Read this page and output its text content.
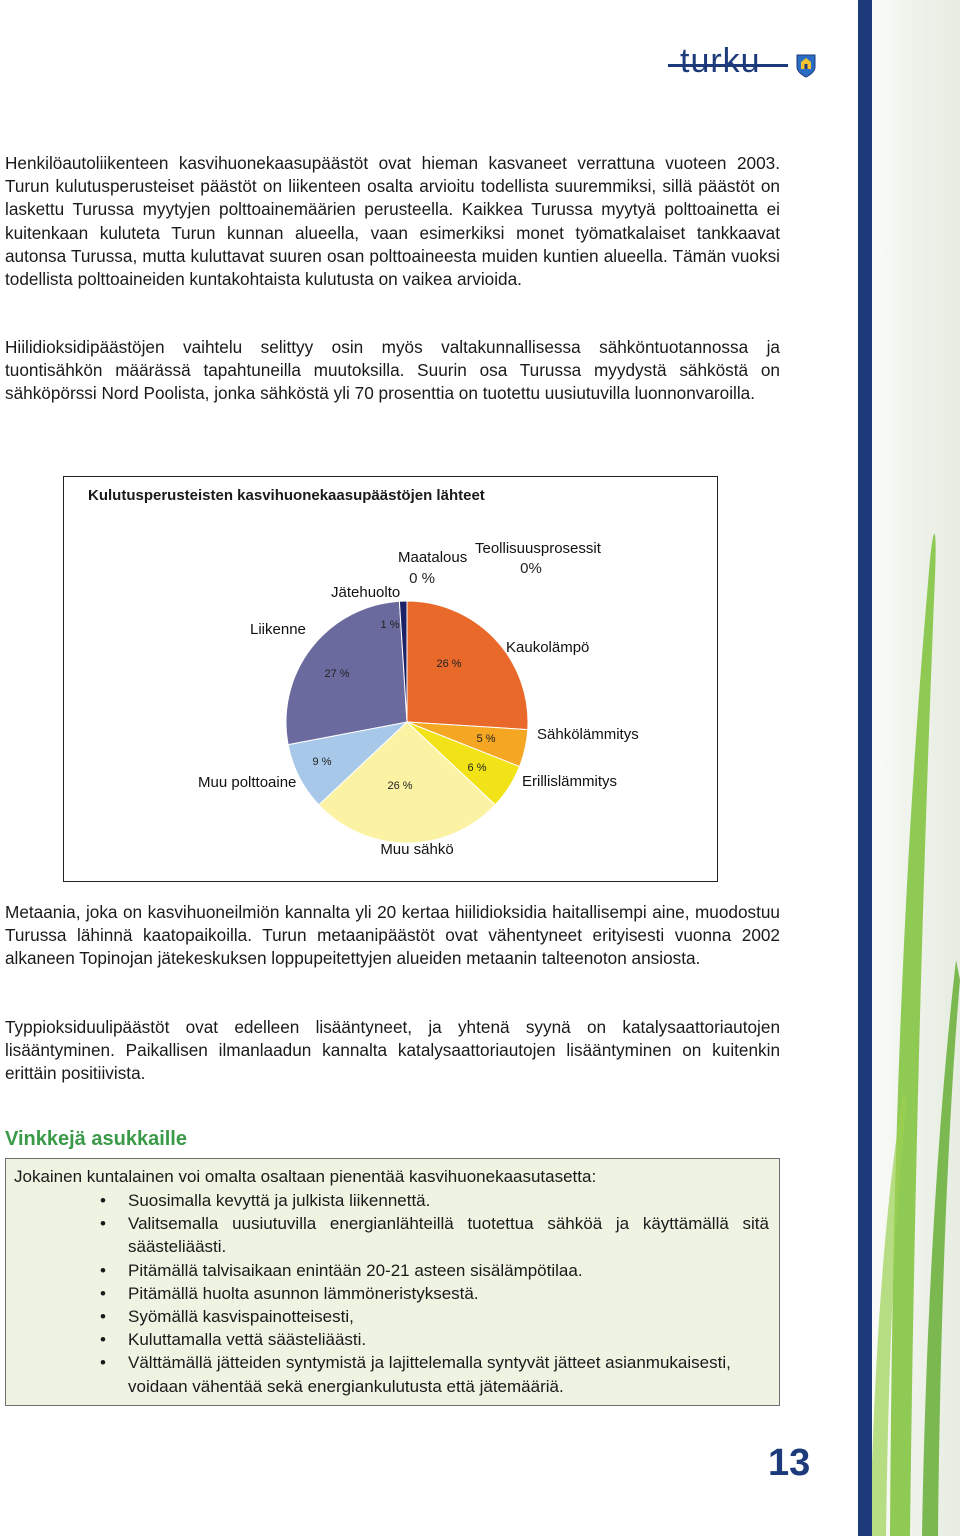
turku

Henkilöautoliikenteen kasvihuonekaasupäästöt ovat hieman kasvaneet verrattuna vuoteen 2003. Turun kulutusperusteiset päästöt on liikenteen osalta arvioitu todellista suuremmiksi, sillä päästöt on laskettu Turussa myytyjen polttoainemäärien perusteella. Kaikkea Turussa myytyä polttoainetta ei kuitenkaan kuluteta Turun kunnan alueella, vaan esimerkiksi monet työmatkalaiset tankkaavat autonsa Turussa, mutta kuluttavat suuren osan polttoaineesta muiden kuntien alueella. Tämän vuoksi todellista polttoaineiden kuntakohtaista kulutusta on vaikea arvioida.

Hiilidioksidipäästöjen vaihtelu selittyy osin myös valtakunnallisessa sähköntuotannossa ja tuontisähkön määrässä tapahtuneilla muutoksilla. Suurin osa Turussa myydystä sähköstä on sähköpörssi Nord Poolista, jonka sähköstä yli 70 prosenttia on tuotettu uusiutuvilla luonnonvaroilla.

Kulutusperusteisten kasvihuonekaasupäästöjen lähteet
Kaukolämpö
26 %
Sähkölämmitys
5 %
Erillislämmitys
6 %
Muu sähkö
26 %
Muu polttoaine
9 %
Liikenne
27 %
Jätehuolto
1 %
Maatalous
0 %
Teollisuusprosessit
0%

Metaania, joka on kasvihuoneilmiön kannalta yli 20 kertaa hiilidioksidia haitallisempi aine, muodostuu Turussa lähinnä kaatopaikoilla. Turun metaanipäästöt ovat vähentyneet erityisesti vuonna 2002 alkaneen Topinojan jätekeskuksen loppupeitettyjen alueiden metaanin talteenoton ansiosta.

Typpioksiduulipäästöt ovat edelleen lisääntyneet, ja yhtenä syynä on katalysaattoriautojen lisääntyminen. Paikallisen ilmanlaadun kannalta katalysaattoriautojen lisääntyminen on kuitenkin erittäin positiivista.

Vinkkejä asukkaille
Jokainen kuntalainen voi omalta osaltaan pienentää kasvihuonekaasutasetta:
• Suosimalla kevyttä ja julkista liikennettä.
• Valitsemalla uusiutuvilla energianlähteillä tuotettua sähköä ja käyttämällä sitä säästeliäästi.
• Pitämällä talvisaikaan enintään 20-21 asteen sisälämpötilaa.
• Pitämällä huolta asunnon lämmöneristyksestä.
• Syömällä kasvispainotteisesti,
• Kuluttamalla vettä säästeliäästi.
• Välttämällä jätteiden syntymistä ja lajittelemalla syntyvät jätteet asianmukaisesti, voidaan vähentää sekä energiankulutusta että jätemääriä.
13
